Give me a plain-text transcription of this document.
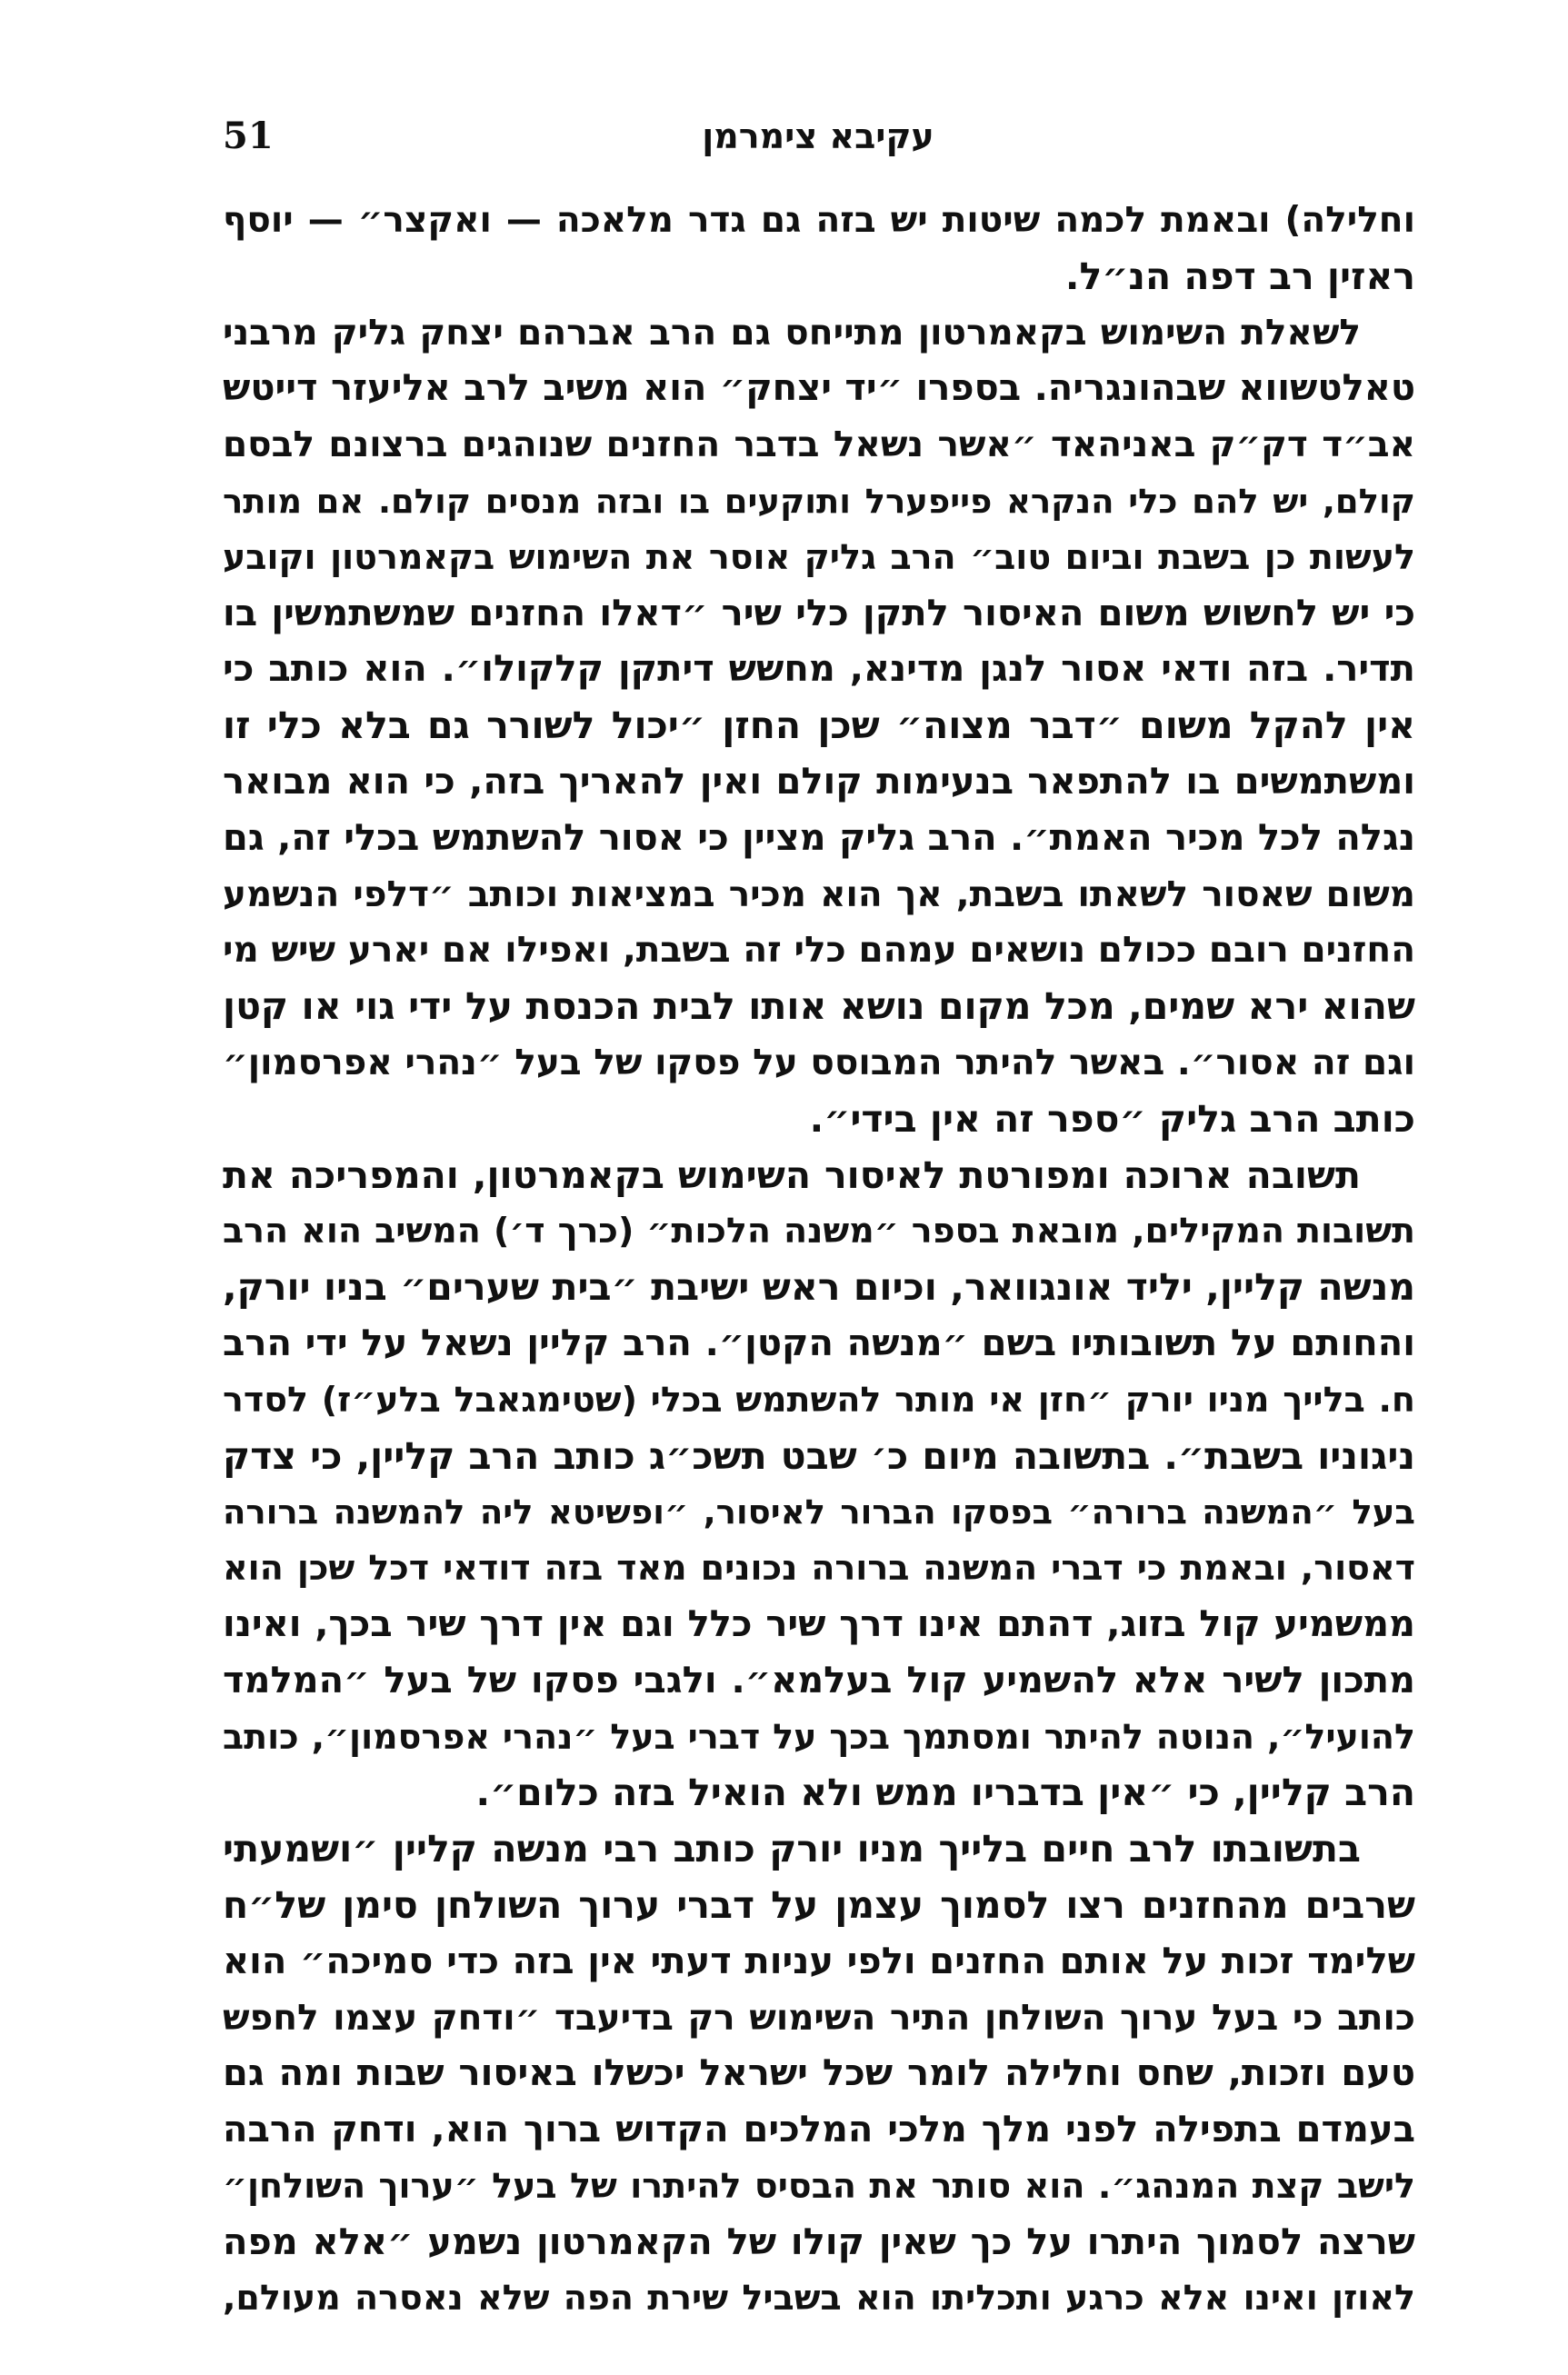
51	עקיבא צימרמן
וחלילה) ובאמת לכמה שיטות יש בזה גם גדר מלאכה — ואקצר״ — יוסף
ראזין רב דפה הנ״ל.
לשאלת השימוש בקאמרטון מתייחס גם הרב אברהם יצחק גליק מרבני
טאלטשווא שבהונגריה. בספרו ״יד יצחק״ הוא משיב לרב אליעזר דייטש
אב״ד דק״ק באניהאד ״אשר נשאל בדבר החזנים שנוהגים ברצונם לבסם
קולם, יש להם כלי הנקרא פייפערל ותוקעים בו ובזה מנסים קולם. אם מותר
לעשות כן בשבת וביום טוב״ הרב גליק אוסר את השימוש בקאמרטון וקובע
כי יש לחשוש משום האיסור לתקן כלי שיר ״דאלו החזנים שמשתמשין בו
תדיר. בזה ודאי אסור לנגן מדינא, מחשש דיתקן קלקולו״. הוא כותב כי
אין להקל משום ״דבר מצוה״ שכן החזן ״יכול לשורר גם בלא כלי זו
ומשתמשים בו להתפאר בנעימות קולם ואין להאריך בזה, כי הוא מבואר
נגלה לכל מכיר האמת״. הרב גליק מציין כי אסור להשתמש בכלי זה, גם
משום שאסור לשאתו בשבת, אך הוא מכיר במציאות וכותב ״דלפי הנשמע
החזנים רובם ככולם נושאים עמהם כלי זה בשבת, ואפילו אם יארע שיש מי
שהוא ירא שמים, מכל מקום נושא אותו לבית הכנסת על ידי גוי או קטן
וגם זה אסור״. באשר להיתר המבוסס על פסקו של בעל ״נהרי אפרסמון״
כותב הרב גליק ״ספר זה אין בידי״.
תשובה ארוכה ומפורטת לאיסור השימוש בקאמרטון, והמפריכה את
תשובות המקילים, מובאת בספר ״משנה הלכות״ (כרך ד׳) המשיב הוא הרב
מנשה קליין, יליד אונגוואר, וכיום ראש ישיבת ״בית שערים״ בניו יורק,
והחותם על תשובותיו בשם ״מנשה הקטן״. הרב קליין נשאל על ידי הרב
ח. בלייך מניו יורק ״חזן אי מותר להשתמש בכלי (שטימגאבל בלע״ז) לסדר
ניגוניו בשבת״. בתשובה מיום כ׳ שבט תשכ״ג כותב הרב קליין, כי צדק
בעל ״המשנה ברורה״ בפסקו הברור לאיסור, ״ופשיטא ליה להמשנה ברורה
דאסור, ובאמת כי דברי המשנה ברורה נכונים מאד בזה דודאי דכל שכן הוא
ממשמיע קול בזוג, דהתם אינו דרך שיר כלל וגם אין דרך שיר בכך, ואינו
מתכון לשיר אלא להשמיע קול בעלמא״. ולגבי פסקו של בעל ״המלמד
להועיל״, הנוטה להיתר ומסתמך בכך על דברי בעל ״נהרי אפרסמון״, כותב
הרב קליין, כי ״אין בדבריו ממש ולא הואיל בזה כלום״.
בתשובתו לרב חיים בלייך מניו יורק כותב רבי מנשה קליין ״ושמעתי
שרבים מהחזנים רצו לסמוך עצמן על דברי ערוך השולחן סימן של״ח
שלימד זכות על אותם החזנים ולפי עניות דעתי אין בזה כדי סמיכה״ הוא
כותב כי בעל ערוך השולחן התיר השימוש רק בדיעבד ״ודחק עצמו לחפש
טעם וזכות, שחס וחלילה לומר שכל ישראל יכשלו באיסור שבות ומה גם
בעמדם בתפילה לפני מלך מלכי המלכים הקדוש ברוך הוא, ודחק הרבה
לישב קצת המנהג״. הוא סותר את הבסיס להיתרו של בעל ״ערוך השולחן״
שרצה לסמוך היתרו על כך שאין קולו של הקאמרטון נשמע ״אלא מפה
לאוזן ואינו אלא כרגע ותכליתו הוא בשביל שירת הפה שלא נאסרה מעולם,
